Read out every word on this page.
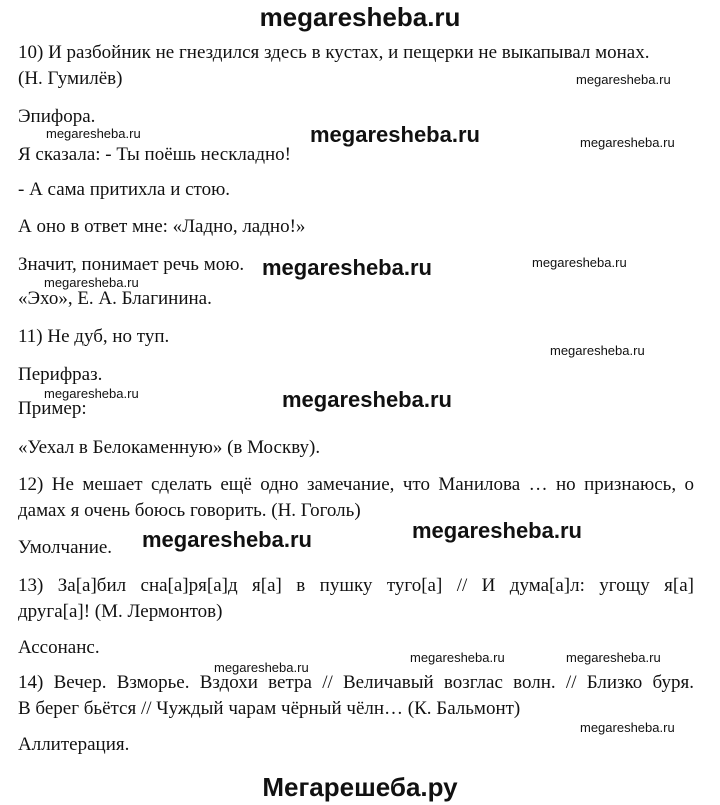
megaresheba.ru
10) И разбойник не гнездился здесь в кустах, и пещерки не выкапывал монах.
(Н. Гумилёв)
Эпифора.
Я сказала: - Ты поёшь нескладно!
- А сама притихла и стою.
А оно в ответ мне: «Ладно, ладно!»
Значит, понимает речь мою.
«Эхо», Е. А. Благинина.
11) Не дуб, но туп.
Перифраз.
Пример:
«Уехал в Белокаменную» (в Москву).
12) Не мешает сделать ещё одно замечание, что Манилова … но признаюсь, о
дамах я очень боюсь говорить. (Н. Гоголь)
Умолчание.
13) За[а]бил сна[а]ря[а]д я[а] в пушку туго[а] // И дума[а]л: угощу я[а]
друга[а]! (М. Лермонтов)
Ассонанс.
14) Вечер. Взморье. Вздохи ветра // Величавый возглас волн. // Близко буря.
В берег бьётся // Чуждый чарам чёрный чёлн… (К. Бальмонт)
Аллитерация.
megaresheba.ru
megaresheba.ru
megaresheba.ru
megaresheba.ru
megaresheba.ru
megaresheba.ru
megaresheba.ru
megaresheba.ru
megaresheba.ru
megaresheba.ru
megaresheba.ru
megaresheba.ru
megaresheba.ru
megaresheba.ru	megaresheba.ru
megaresheba.ru
Мегарешеба.ру
